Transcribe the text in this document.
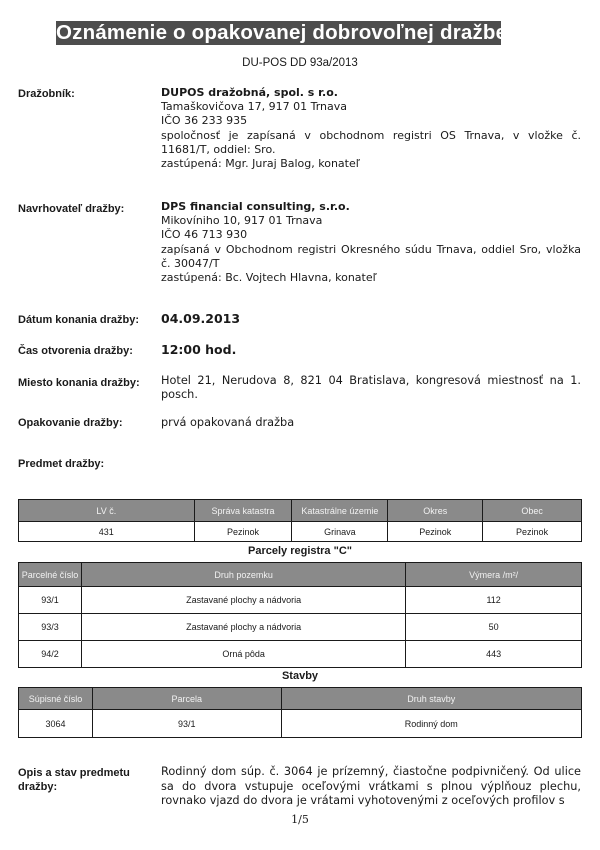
Oznámenie o opakovanej dobrovoľnej dražbe
DU-POS DD 93a/2013
Dražobník:	DUPOS dražobná, spol. s r.o.
Tamaškovičova 17, 917 01 Trnava
IČO 36 233 935
spoločnosť je zapísaná v obchodnom registri OS Trnava, v vložke č. 11681/T, oddiel: Sro.
zastúpená: Mgr. Juraj Balog, konateľ
Navrhovateľ dražby:	DPS financial consulting, s.r.o.
Mikovíniho 10, 917 01 Trnava
IČO 46 713 930
zapísaná v Obchodnom registri Okresného súdu Trnava, oddiel Sro, vložka č. 30047/T
zastúpená: Bc. Vojtech Hlavna, konateľ
Dátum konania dražby: 04.09.2013
Čas otvorenia dražby: 12:00 hod.
Miesto konania dražby: Hotel 21, Nerudova 8, 821 04 Bratislava, kongresová miestnosť na 1. posch.
Opakovanie dražby:	prvá opakovaná dražba
Predmet dražby:
LV č.	Správa katastra	Katastrálne územie	Okres	Obec
431	Pezinok	Grinava	Pezinok	Pezinok
Parcely registra "C"
Parcelné číslo	Druh pozemku	Výmera /m²/
93/1	Zastavané plochy a nádvoria	112
93/3	Zastavané plochy a nádvoria	50
94/2	Orná pôda	443
Stavby
Súpisné číslo	Parcela	Druh stavby
3064	93/1	Rodinný dom
Opis a stav predmetu
dražby:
Rodinný dom súp. č. 3064 je prízemný, čiastočne podpivničený. Od ulice sa do dvora vstupuje oceľovými vrátkami s plnou výplňouz plechu, rovnako vjazd do dvora je vrátami vyhotovenými z oceľových profilov s
1/5
